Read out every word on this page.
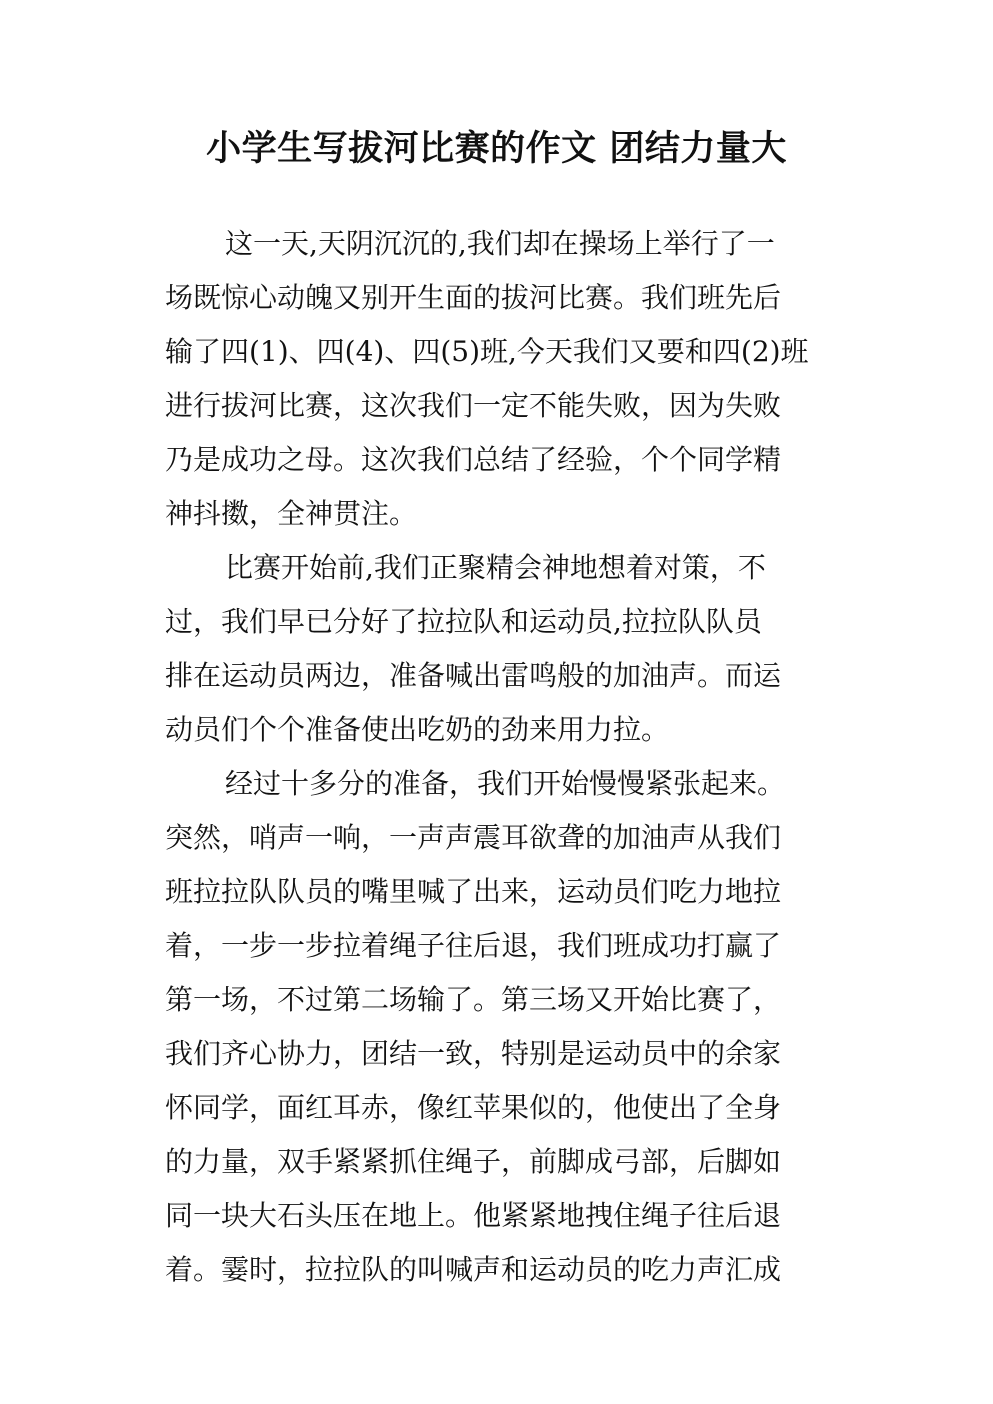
小学生写拔河比赛的作文 团结力量大
这一天,天阴沉沉的,我们却在操场上举行了一
场既惊心动魄又别开生面的拔河比赛。我们班先后
输了四(1)、四(4)、四(5)班,今天我们又要和四(2)班
进行拔河比赛，这次我们一定不能失败，因为失败
乃是成功之母。这次我们总结了经验，个个同学精
神抖擞，全神贯注。
比赛开始前,我们正聚精会神地想着对策，不
过，我们早已分好了拉拉队和运动员,拉拉队队员
排在运动员两边，准备喊出雷鸣般的加油声。而运
动员们个个准备使出吃奶的劲来用力拉。
经过十多分的准备，我们开始慢慢紧张起来。
突然，哨声一响，一声声震耳欲聋的加油声从我们
班拉拉队队员的嘴里喊了出来，运动员们吃力地拉
着，一步一步拉着绳子往后退，我们班成功打赢了
第一场，不过第二场输了。第三场又开始比赛了，
我们齐心协力，团结一致，特别是运动员中的余家
怀同学，面红耳赤，像红苹果似的，他使出了全身
的力量，双手紧紧抓住绳子，前脚成弓部，后脚如
同一块大石头压在地上。他紧紧地拽住绳子往后退
着。霎时，拉拉队的叫喊声和运动员的吃力声汇成
